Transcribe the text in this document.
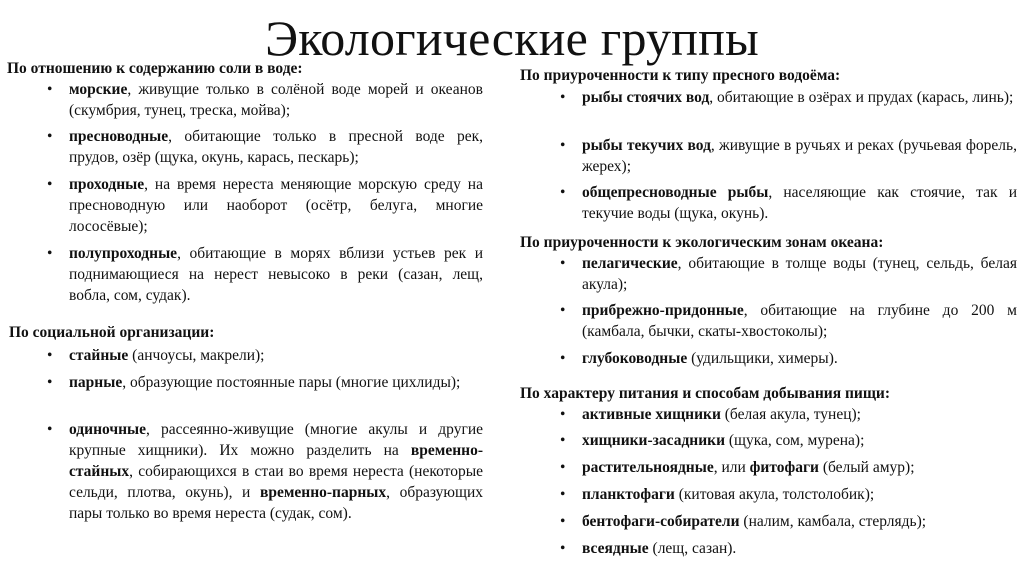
Экологические группы
По отношению к содержанию соли в воде:
• морские, живущие только в солёной воде морей и океанов (скумбрия, тунец, треска, мойва);
• пресноводные, обитающие только в пресной воде рек, прудов, озёр (щука, окунь, карась, пескарь);
• проходные, на время нереста меняющие морскую среду на пресноводную или наоборот (осётр, белуга, многие лососёвые);
• полупроходные, обитающие в морях вблизи устьев рек и поднимающиеся на нерест невысоко в реки (сазан, лещ, вобла, сом, судак).
По социальной организации:
• стайные (анчоусы, макрели);
• парные, образующие постоянные пары (многие цихлиды);
• одиночные, рассеянно-живущие (многие акулы и другие крупные хищники). Их можно разделить на временно-стайных, собирающихся в стаи во время нереста (некоторые сельди, плотва, окунь), и временно-парных, образующих пары только во время нереста (судак, сом).
По приуроченности к типу пресного водоёма:
• рыбы стоячих вод, обитающие в озёрах и прудах (карась, линь);
• рыбы текучих вод, живущие в ручьях и реках (ручьевая форель, жерех);
• общепресноводные рыбы, населяющие как стоячие, так и текучие воды (щука, окунь).
По приуроченности к экологическим зонам океана:
• пелагические, обитающие в толще воды (тунец, сельдь, белая акула);
• прибрежно-придонные, обитающие на глубине до 200 м (камбала, бычки, скаты-хвостоколы);
• глубоководные (удильщики, химеры).
По характеру питания и способам добывания пищи:
• активные хищники (белая акула, тунец);
• хищники-засадники (щука, сом, мурена);
• растительноядные, или фитофаги (белый амур);
• планктофаги (китовая акула, толстолобик);
• бентофаги-собиратели (налим, камбала, стерлядь);
• всеядные (лещ, сазан).
